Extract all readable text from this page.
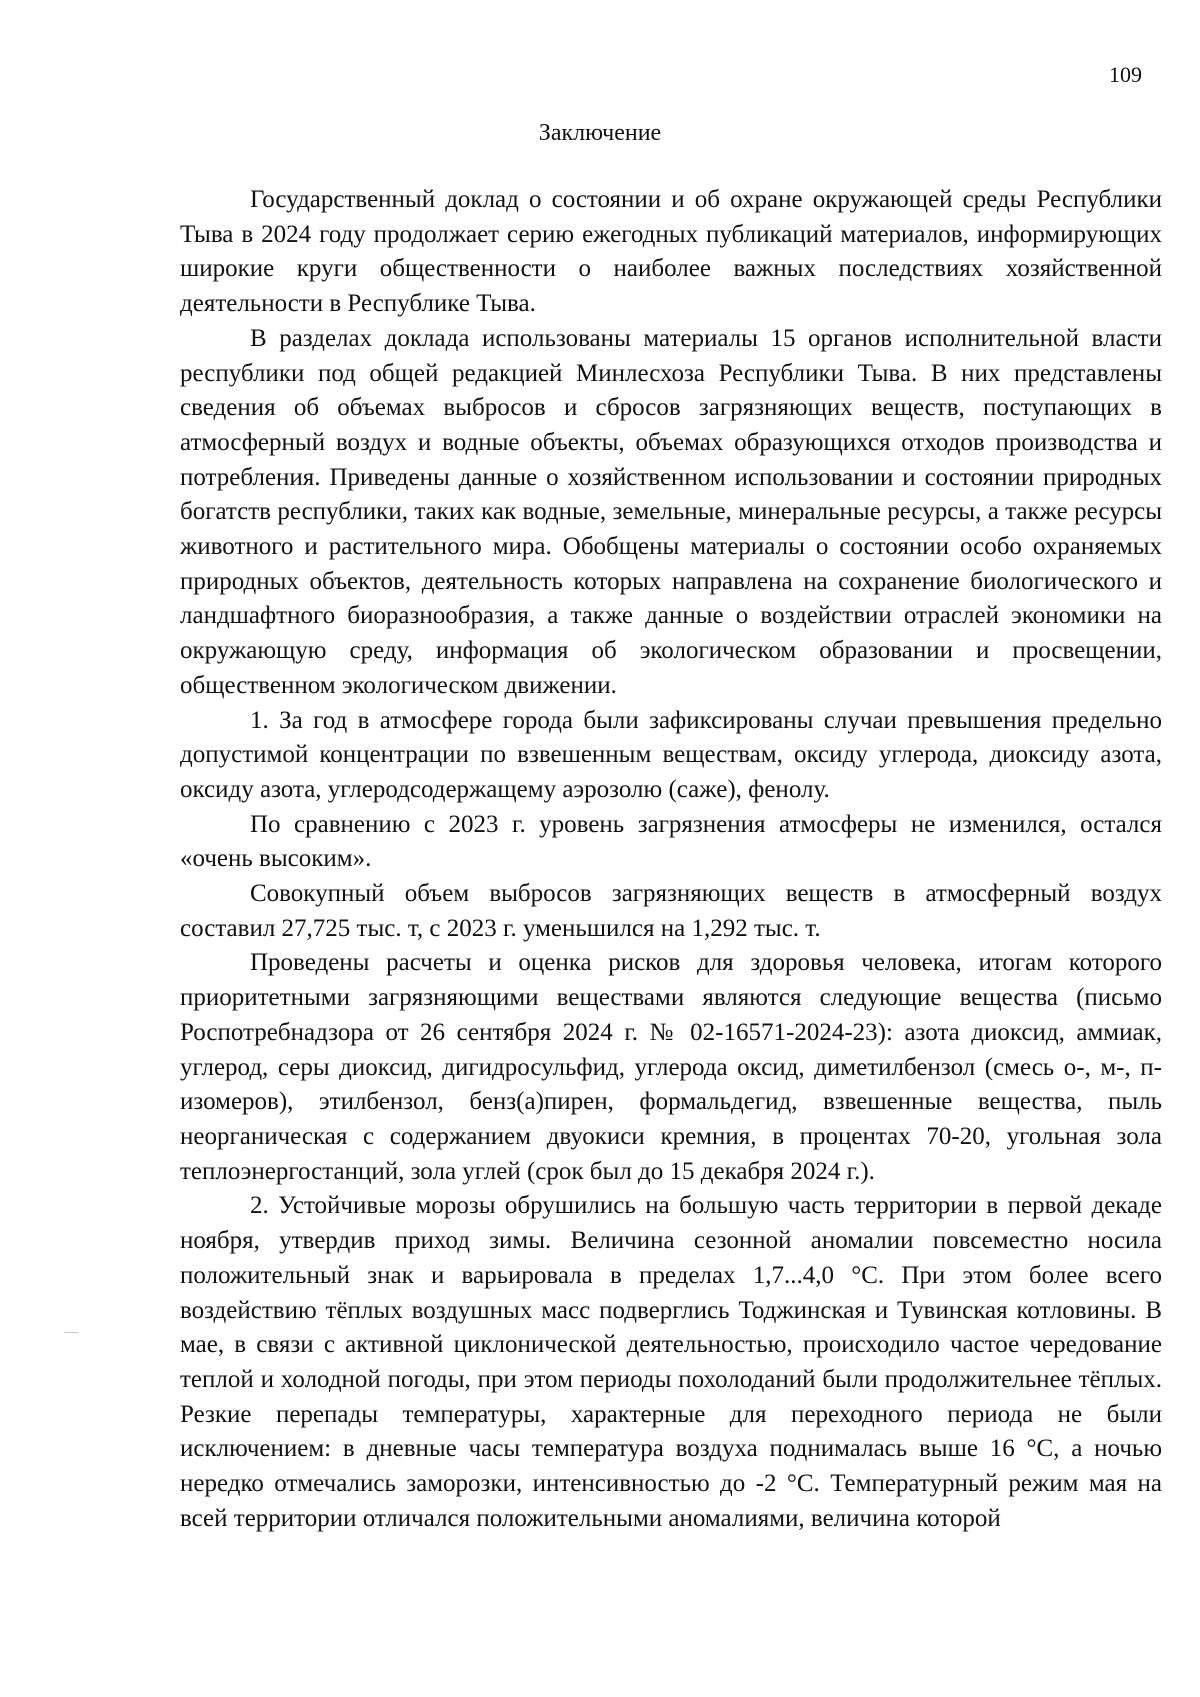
109
Заключение

Государственный доклад о состоянии и об охране окружающей среды Республики Тыва в 2024 году продолжает серию ежегодных публикаций материалов, информирующих широкие круги общественности о наиболее важных последствиях хозяйственной деятельности в Республике Тыва.

В разделах доклада использованы материалы 15 органов исполнительной власти республики под общей редакцией Минлесхоза Республики Тыва. В них представлены сведения об объемах выбросов и сбросов загрязняющих веществ, поступающих в атмосферный воздух и водные объекты, объемах образующихся отходов производства и потребления. Приведены данные о хозяйственном использовании и состоянии природных богатств республики, таких как водные, земельные, минеральные ресурсы, а также ресурсы животного и растительного мира. Обобщены материалы о состоянии особо охраняемых природных объектов, деятельность которых направлена на сохранение биологического и ландшафтного биоразнообразия, а также данные о воздействии отраслей экономики на окружающую среду, информация об экологическом образовании и просвещении, общественном экологическом движении.

1. За год в атмосфере города были зафиксированы случаи превышения предельно допустимой концентрации по взвешенным веществам, оксиду углерода, диоксиду азота, оксиду азота, углеродсодержащему аэрозолю (саже), фенолу.

По сравнению с 2023 г. уровень загрязнения атмосферы не изменился, остался «очень высоким».

Совокупный объем выбросов загрязняющих веществ в атмосферный воздух составил 27,725 тыс. т, с 2023 г. уменьшился на 1,292 тыс. т.

Проведены расчеты и оценка рисков для здоровья человека, итогам которого приоритетными загрязняющими веществами являются следующие вещества (письмо Роспотребнадзора от 26 сентября 2024 г. № 02-16571-2024-23): азота диоксид, аммиак, углерод, серы диоксид, дигидросульфид, углерода оксид, диметилбензол (смесь о-, м-, п- изомеров), этилбензол, бенз(а)пирен, формальдегид, взвешенные вещества, пыль неорганическая с содержанием двуокиси кремния, в процентах 70-20, угольная зола теплоэнергостанций, зола углей (срок был до 15 декабря 2024 г.).

2. Устойчивые морозы обрушились на большую часть территории в первой декаде ноября, утвердив приход зимы. Величина сезонной аномалии повсеместно носила положительный знак и варьировала в пределах 1,7...4,0 °С. При этом более всего воздействию тёплых воздушных масс подверглись Тоджинская и Тувинская котловины. В мае, в связи с активной циклонической деятельностью, происходило частое чередование теплой и холодной погоды, при этом периоды похолоданий были продолжительнее тёплых. Резкие перепады температуры, характерные для переходного периода не были исключением: в дневные часы температура воздуха поднималась выше 16 °С, а ночью нередко отмечались заморозки, интенсивностью до -2 °С. Температурный режим мая на всей территории отличался положительными аномалиями, величина которой
